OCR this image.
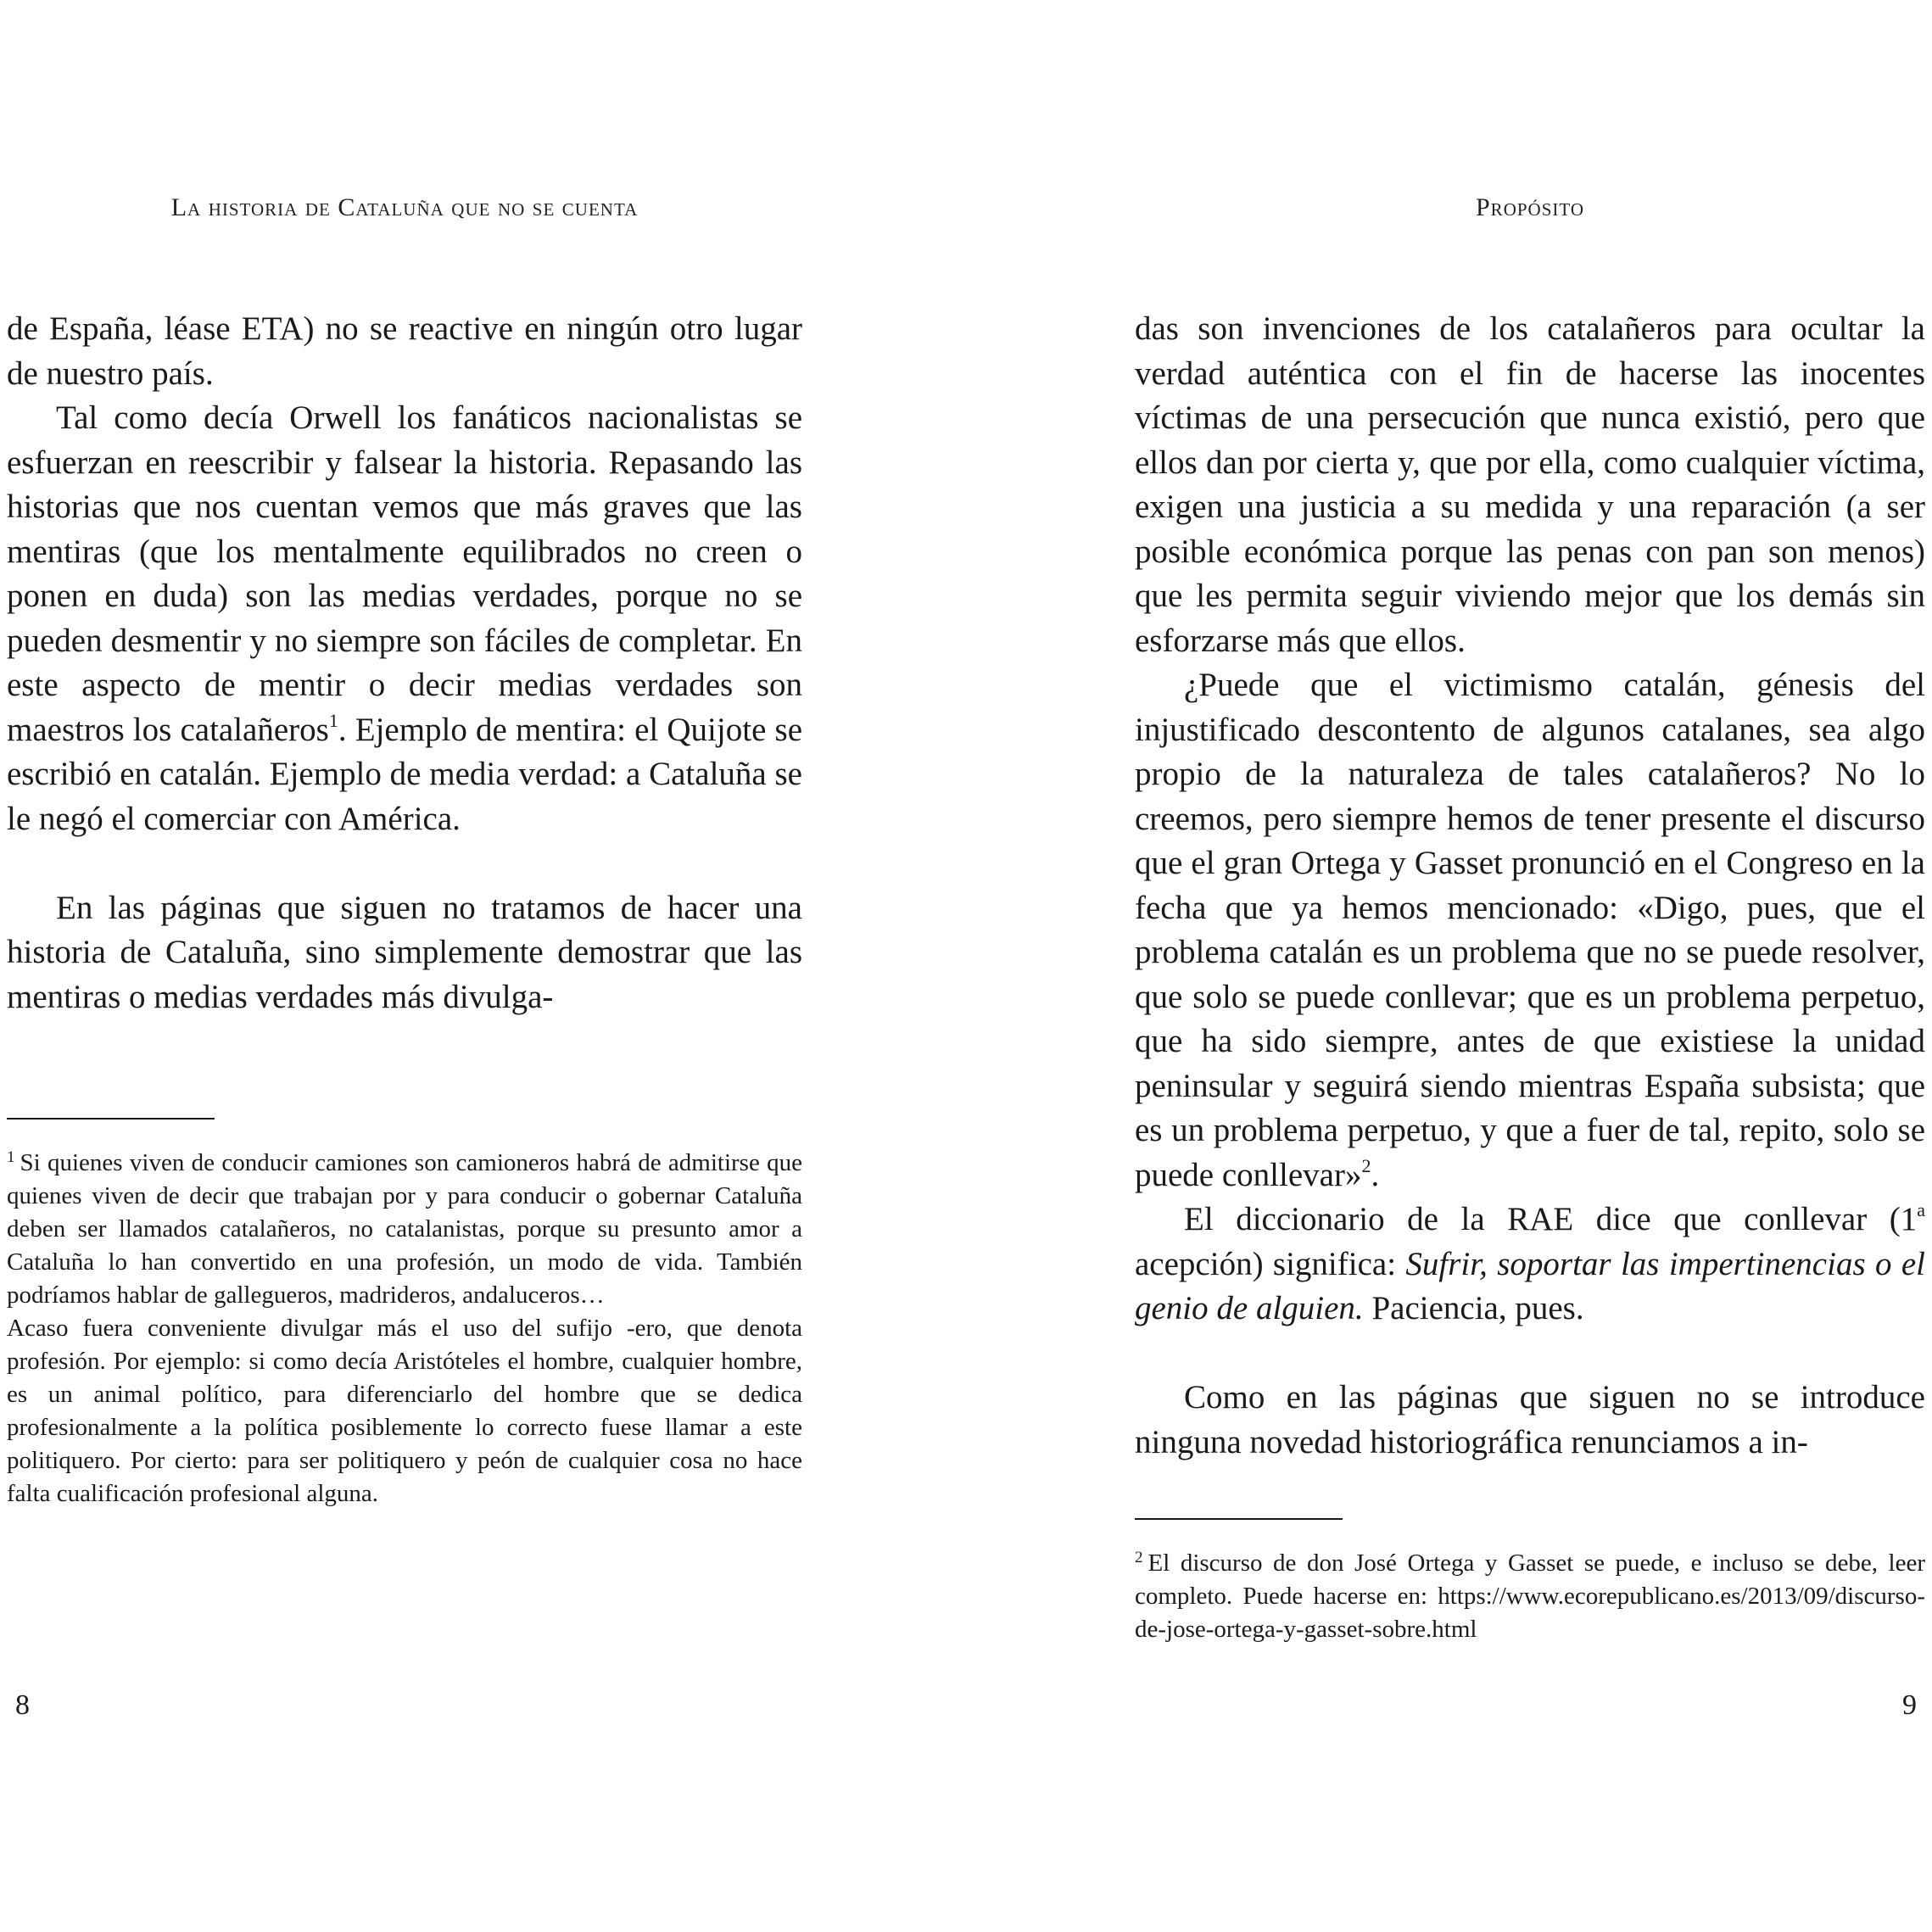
La historia de Cataluña que no se cuenta

de España, léase ETA) no se reactive en ningún otro lugar de nuestro país.

Tal como decía Orwell los fanáticos nacionalistas se esfuerzan en reescribir y falsear la historia. Repasando las historias que nos cuentan vemos que más graves que las mentiras (que los mentalmente equilibrados no creen o ponen en duda) son las medias verdades, porque no se pueden desmentir y no siempre son fáciles de completar. En este aspecto de mentir o decir medias verdades son maestros los catalañeros$^1$. Ejemplo de mentira: el Quijote se escribió en catalán. Ejemplo de media verdad: a Cataluña se le negó el comerciar con América.

En las páginas que siguen no tratamos de hacer una historia de Cataluña, sino simplemente demostrar que las mentiras o medias verdades más divulga-

$^1$ Si quienes viven de conducir camiones son camioneros habrá de admitirse que quienes viven de decir que trabajan por y para conducir o gobernar Cataluña deben ser llamados catalañeros, no catalanistas, porque su presunto amor a Cataluña lo han convertido en una profesión, un modo de vida. También podríamos hablar de gallegueros, madrideros, andaluceros…

Acaso fuera conveniente divulgar más el uso del sufijo -ero, que denota profesión. Por ejemplo: si como decía Aristóteles el hombre, cualquier hombre, es un animal político, para diferenciarlo del hombre que se dedica profesionalmente a la política posiblemente lo correcto fuese llamar a este politiquero. Por cierto: para ser politiquero y peón de cualquier cosa no hace falta cualificación profesional alguna.

8
Propósito

das son invenciones de los catalañeros para ocultar la verdad auténtica con el fin de hacerse las inocentes víctimas de una persecución que nunca existió, pero que ellos dan por cierta y, que por ella, como cualquier víctima, exigen una justicia a su medida y una reparación (a ser posible económica porque las penas con pan son menos) que les permita seguir viviendo mejor que los demás sin esforzarse más que ellos.

¿Puede que el victimismo catalán, génesis del injustificado descontento de algunos catalanes, sea algo propio de la naturaleza de tales catalañeros? No lo creemos, pero siempre hemos de tener presente el discurso que el gran Ortega y Gasset pronunció en el Congreso en la fecha que ya hemos mencionado: «Digo, pues, que el problema catalán es un problema que no se puede resolver, que solo se puede conllevar; que es un problema perpetuo, que ha sido siempre, antes de que existiese la unidad peninsular y seguirá siendo mientras España subsista; que es un problema perpetuo, y que a fuer de tal, repito, solo se puede conllevar»$^2$.

El diccionario de la RAE dice que conllevar (1$^a$ acepción) significa: Sufrir, soportar las impertinencias o el genio de alguien. Paciencia, pues.

Como en las páginas que siguen no se introduce ninguna novedad historiográfica renunciamos a in-

$^2$ El discurso de don José Ortega y Gasset se puede, e incluso se debe, leer completo. Puede hacerse en: https://www.ecorepublicano.es/2013/09/discurso-de-jose-ortega-y-gasset-sobre.html

9
